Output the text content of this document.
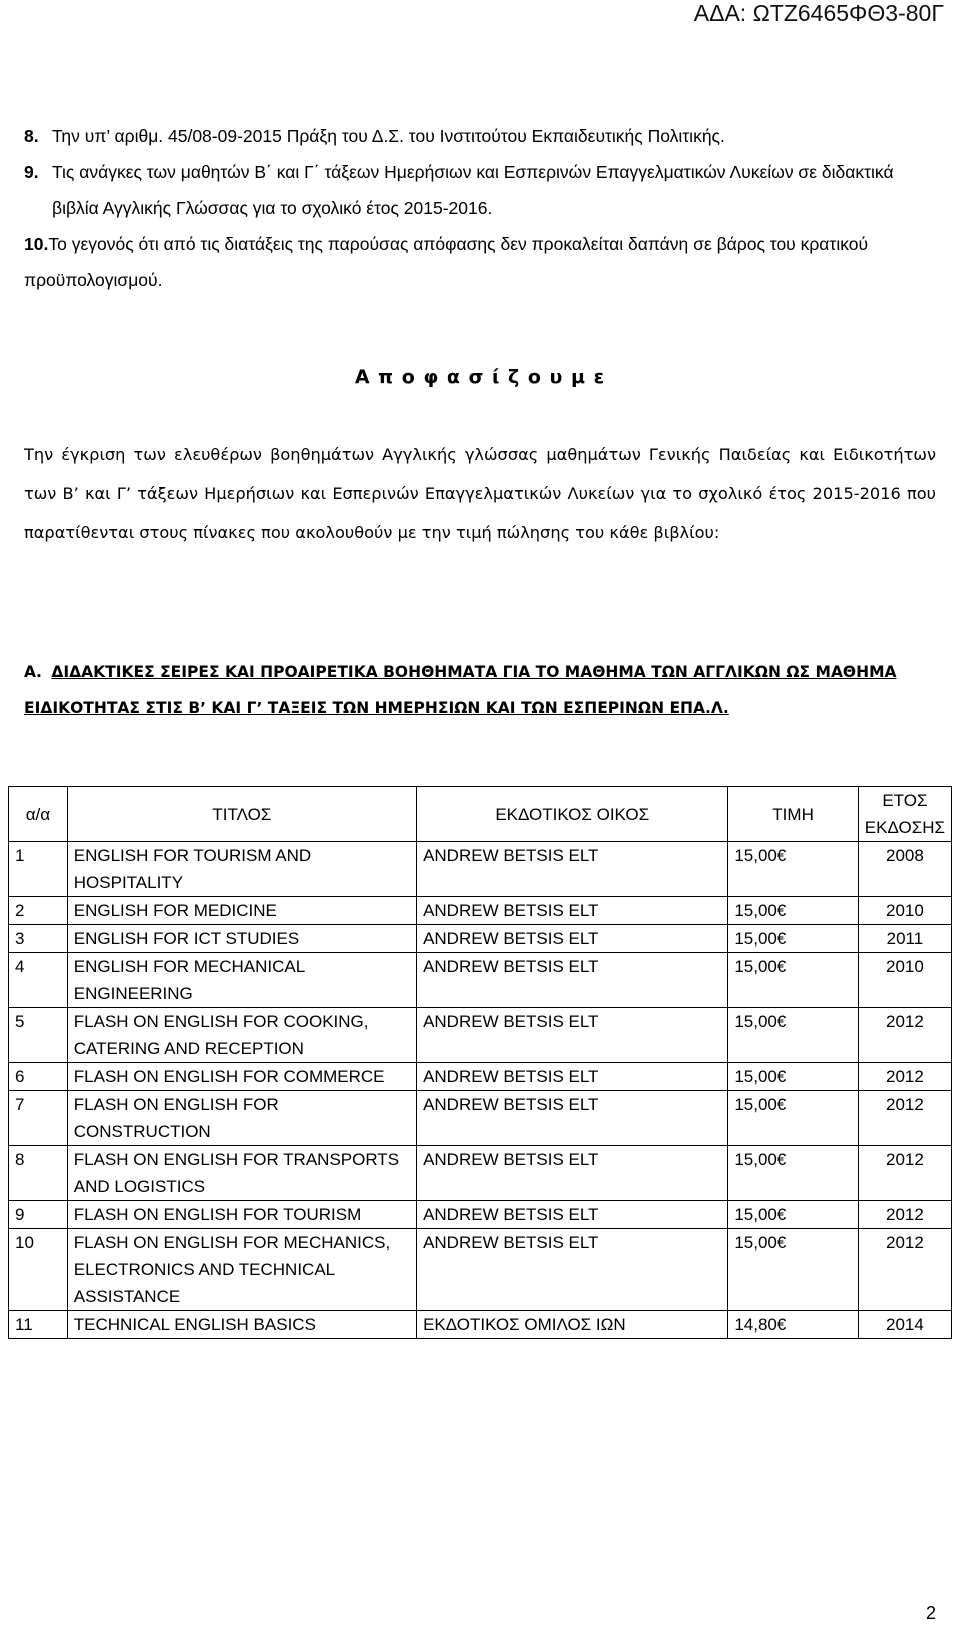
ΑΔΑ: ΩΤΖ6465ΦΘ3-80Γ
8. Την υπ’ αριθμ. 45/08-09-2015 Πράξη του Δ.Σ. του Ινστιτούτου Εκπαιδευτικής Πολιτικής.
9. Τις ανάγκες των μαθητών Β΄ και Γ΄ τάξεων Ημερήσιων και Εσπερινών Επαγγελματικών Λυκείων σε διδακτικά βιβλία Αγγλικής Γλώσσας για το σχολικό έτος 2015-2016.
10.Το γεγονός ότι από τις διατάξεις της παρούσας απόφασης δεν προκαλείται δαπάνη σε βάρος του κρατικού προϋπολογισμού.
Α π ο φ α σ ί ζ ο υ μ ε
Την έγκριση των ελευθέρων βοηθημάτων Αγγλικής γλώσσας μαθημάτων Γενικής Παιδείας και Ειδικοτήτων των Β’ και Γ’ τάξεων Ημερήσιων και Εσπερινών Επαγγελματικών Λυκείων για το σχολικό έτος 2015-2016 που παρατίθενται στους πίνακες που ακολουθούν με την τιμή πώλησης του κάθε βιβλίου:
Α. ΔΙΔΑΚΤΙΚΕΣ ΣΕΙΡΕΣ ΚΑΙ ΠΡΟΑΙΡΕΤΙΚΑ ΒΟΗΘΗΜΑΤΑ ΓΙΑ ΤΟ ΜΑΘΗΜΑ ΤΩΝ ΑΓΓΛΙΚΩΝ ΩΣ ΜΑΘΗΜΑ ΕΙΔΙΚΟΤΗΤΑΣ ΣΤΙΣ Β’ ΚΑΙ Γ’ ΤΑΞΕΙΣ ΤΩΝ ΗΜΕΡΗΣΙΩΝ ΚΑΙ ΤΩΝ ΕΣΠΕΡΙΝΩΝ ΕΠΑ.Λ.
α/α	ΤΙΤΛΟΣ	ΕΚΔΟΤΙΚΟΣ ΟΙΚΟΣ	ΤΙΜΗ	ΕΤΟΣ
ΕΚΔΟΣΗΣ
1	ENGLISH FOR TOURISM AND HOSPITALITY	ANDREW BETSIS ELT	15,00€	2008
2	ENGLISH FOR MEDICINE	ANDREW BETSIS ELT	15,00€	2010
3	ENGLISH FOR ICT STUDIES	ANDREW BETSIS ELT	15,00€	2011
4	ENGLISH FOR MECHANICAL ENGINEERING	ANDREW BETSIS ELT	15,00€	2010
5	FLASH ON ENGLISH FOR COOKING, CATERING AND RECEPTION	ANDREW BETSIS ELT	15,00€	2012
6	FLASH ON ENGLISH FOR COMMERCE	ANDREW BETSIS ELT	15,00€	2012
7	FLASH ON ENGLISH FOR CONSTRUCTION	ANDREW BETSIS ELT	15,00€	2012
8	FLASH ON ENGLISH FOR TRANSPORTS AND LOGISTICS	ANDREW BETSIS ELT	15,00€	2012
9	FLASH ON ENGLISH FOR TOURISM	ANDREW BETSIS ELT	15,00€	2012
10	FLASH ON ENGLISH FOR MECHANICS, ELECTRONICS AND TECHNICAL ASSISTANCE	ANDREW BETSIS ELT	15,00€	2012
11	TECHNICAL ENGLISH BASICS	ΕΚΔΟΤΙΚΟΣ ΟΜΙΛΟΣ ΙΩΝ	14,80€	2014
2
